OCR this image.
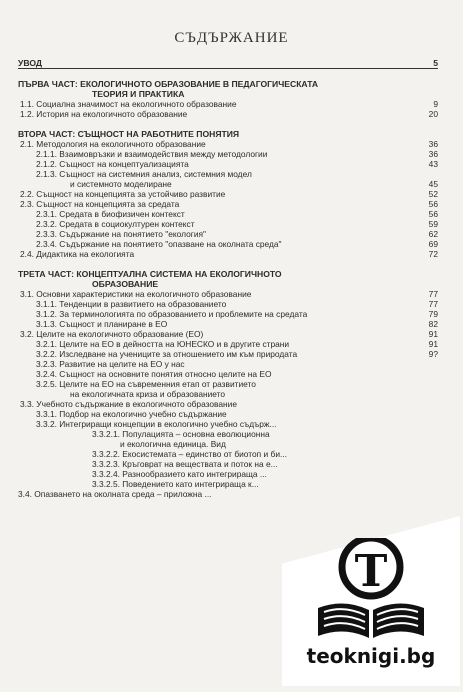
СЪДЪРЖАНИЕ
УВОД	5
ПЪРВА ЧАСТ: ЕКОЛОГИЧНОТО ОБРАЗОВАНИЕ В ПЕДАГОГИЧЕСКАТА
ТЕОРИЯ И ПРАКТИКА
1.1. Социална значимост на екологичното образование	9
1.2. История на екологичното образование	20
ВТОРА ЧАСТ: СЪЩНОСТ НА РАБОТНИТЕ ПОНЯТИЯ
2.1. Методология на екологичното образование	36
2.1.1. Взаимовръзки и взаимодействия между методологии	36
2.1.2. Същност на концептуализацията	43
2.1.3. Същност на системния анализ, системния модел
и системното моделиране	45
2.2. Същност на концепцията за устойчиво развитие	52
2.3. Същност на концепцията за средата	56
2.3.1. Средата в биофизичен контекст	56
2.3.2. Средата в социокултурен контекст	59
2.3.3. Съдържание на понятието "екология"	62
2.3.4. Съдържание на понятието "опазване на околната среда"	69
2.4. Дидактика на екологията	72
ТРЕТА ЧАСТ: КОНЦЕПТУАЛНА СИСТЕМА НА ЕКОЛОГИЧНОТО
ОБРАЗОВАНИЕ
3.1. Основни характеристики на екологичното образование	77
3.1.1. Тенденции в развитието на образованието	77
3.1.2. За терминологията по образованието и проблемите на средата	79
3.1.3. Същност и планиране в ЕО	82
3.2. Целите на екологичното образование (ЕО)	91
3.2.1. Целите на ЕО в дейността на ЮНЕСКО и в другите страни	91
3.2.2. Изследване на учениците за отношението им към природата	9?
3.2.3. Развитие на целите на ЕО у нас
3.2.4. Същност на основните понятия относно целите на ЕО
3.2.5. Целите на ЕО на съвременния етап от развитието
на екологичната криза и образованието
3.3. Учебното съдържание в екологичното образование
3.3.1. Подбор на екологично учебно съдържание
3.3.2. Интегриращи концепции в екологично учебно съдърж...
3.3.2.1. Популацията – основна еволюционна
и екологична единица. Вид
3.3.2.2. Екосистемата – единство от биотоп и би...
3.3.2.3. Кръговрат на веществата и поток на е...
3.3.2.4. Разнообразието като интегрираща ...
3.3.2.5. Поведението като интегрираща к...
3.4. Опазването на околната среда – приложна ...
T
teoknigi.bg
